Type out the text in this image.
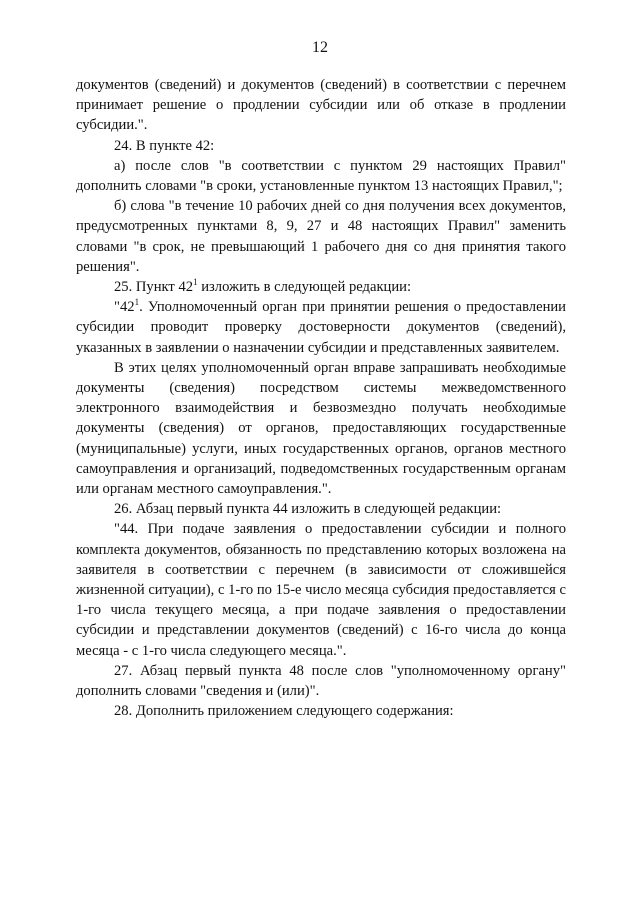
12

документов (сведений) и документов (сведений) в соответствии с перечнем принимает решение о продлении субсидии или об отказе в продлении субсидии.".

24. В пункте 42:

а) после слов "в соответствии с пунктом 29 настоящих Правил" дополнить словами "в сроки, установленные пунктом 13 настоящих Правил,";

б) слова "в течение 10 рабочих дней со дня получения всех документов, предусмотренных пунктами 8, 9, 27 и 48 настоящих Правил" заменить словами "в срок, не превышающий 1 рабочего дня со дня принятия такого решения".

25. Пункт $42^1$ изложить в следующей редакции:

"$42^1$. Уполномоченный орган при принятии решения о предоставлении субсидии проводит проверку достоверности документов (сведений), указанных в заявлении о назначении субсидии и представленных заявителем.

В этих целях уполномоченный орган вправе запрашивать необходимые документы (сведения) посредством системы межведомственного электронного взаимодействия и безвозмездно получать необходимые документы (сведения) от органов, предоставляющих государственные (муниципальные) услуги, иных государственных органов, органов местного самоуправления и организаций, подведомственных государственным органам или органам местного самоуправления.".

26. Абзац первый пункта 44 изложить в следующей редакции:

"44. При подаче заявления о предоставлении субсидии и полного комплекта документов, обязанность по представлению которых возложена на заявителя в соответствии с перечнем (в зависимости от сложившейся жизненной ситуации), с 1-го по 15-е число месяца субсидия предоставляется с 1-го числа текущего месяца, а при подаче заявления о предоставлении субсидии и представлении документов (сведений) с 16-го числа до конца месяца - с 1-го числа следующего месяца.".

27. Абзац первый пункта 48 после слов "уполномоченному органу" дополнить словами "сведения и (или)".

28. Дополнить приложением следующего содержания:
